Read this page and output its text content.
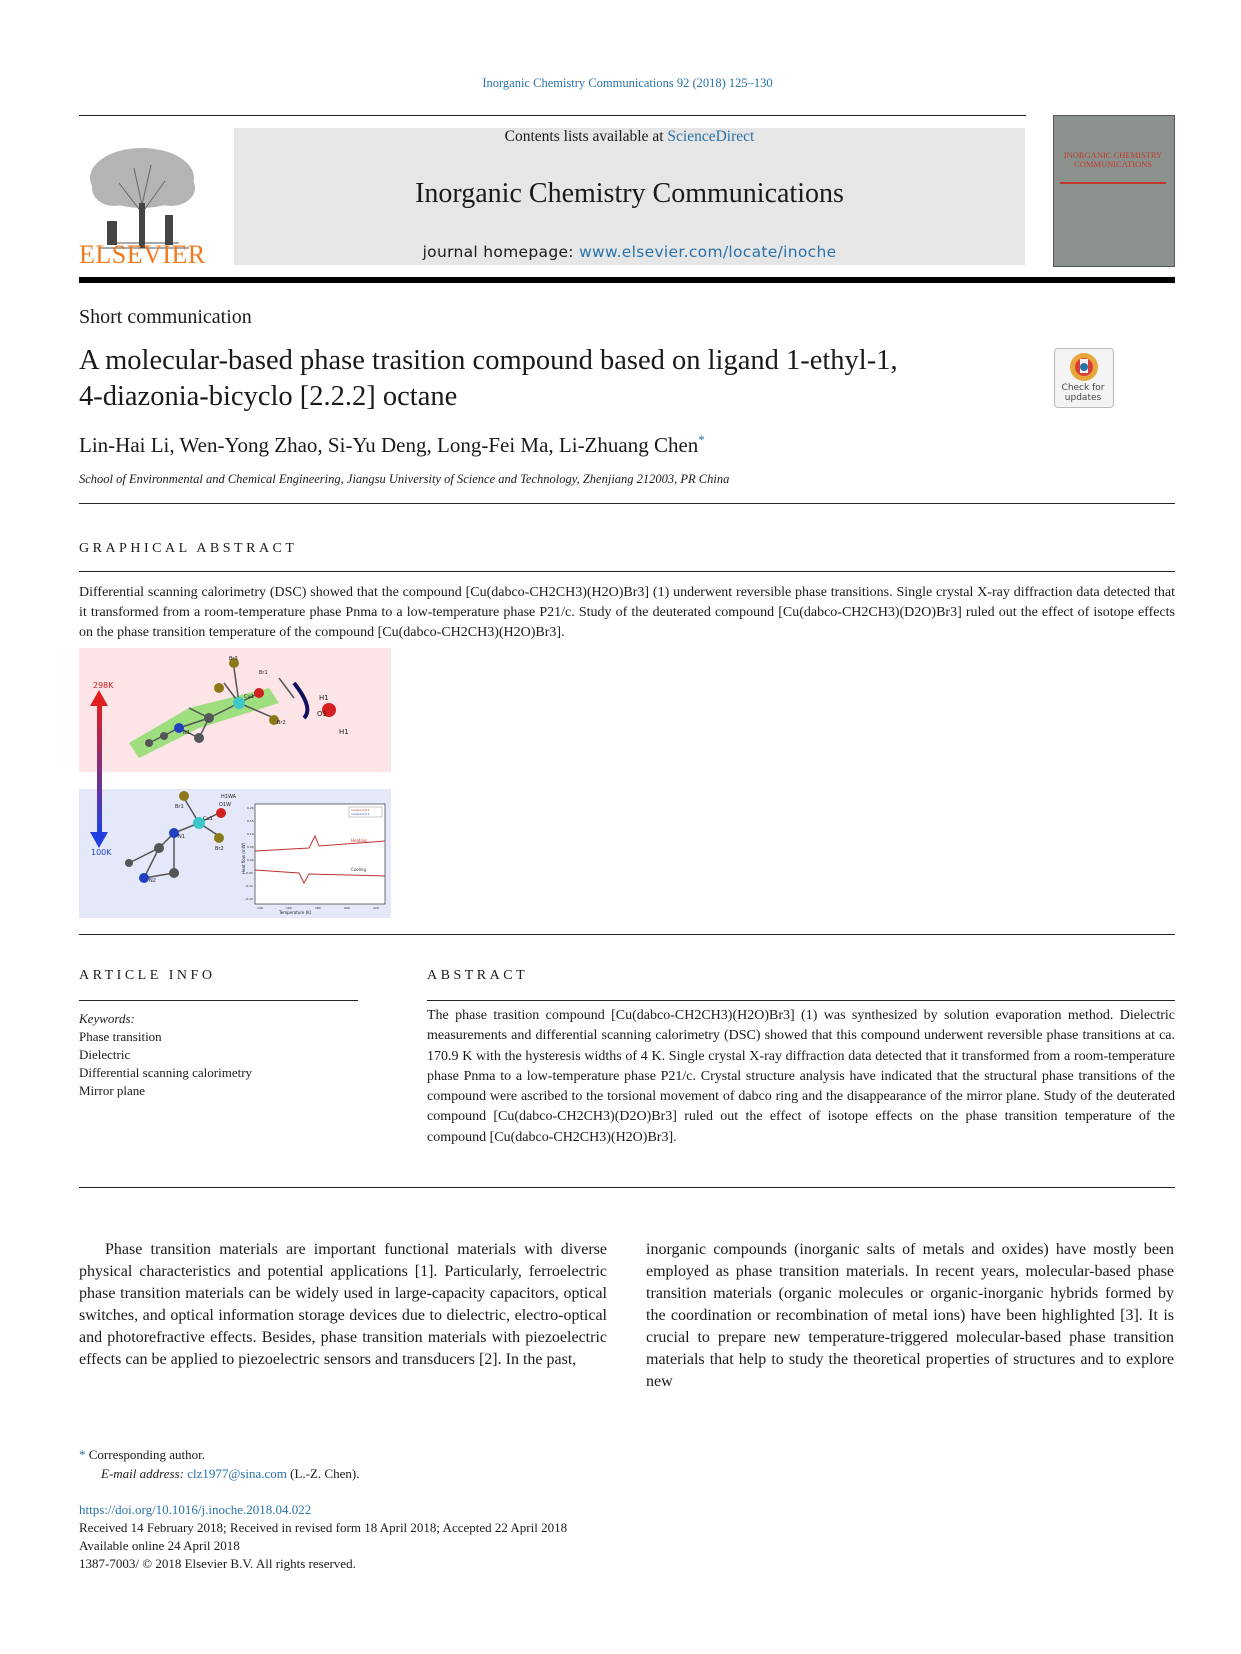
Inorganic Chemistry Communications 92 (2018) 125–130
ELSEVIER
Contents lists available at ScienceDirect
Inorganic Chemistry Communications
journal homepage: www.elsevier.com/locate/inoche
INORGANIC CHEMISTRY COMMUNICATIONS
Short communication
A molecular-based phase trasition compound based on ligand 1-ethyl-1,
4-diazonia-bicyclo [2.2.2] octane	Check for updates
Lin-Hai Li, Wen-Yong Zhao, Si-Yu Deng, Long-Fei Ma, Li-Zhuang Chen*
School of Environmental and Chemical Engineering, Jiangsu University of Science and Technology, Zhenjiang 212003, PR China
GRAPHICAL ABSTRACT
Differential scanning calorimetry (DSC) showed that the compound [Cu(dabco-CH2CH3)(H2O)Br3] (1) underwent reversible phase transitions. Single crystal X-ray diffraction data detected that it transformed from a room-temperature phase Pnma to a low-temperature phase P21/c. Study of the deuterated compound [Cu(dabco-CH2CH3)(D2O)Br3] ruled out the effect of isotope effects on the phase transition temperature of the compound [Cu(dabco-CH2CH3)(H2O)Br3].
298K
100K
Br3
Br1
Br2
Cu1
N1
H1
O1
H1
Br1
Br2
O1W
H1WA
Cu1
N1
N2
compound 1
compound 2
Heating
Cooling
Temperature (K)
Heat flow (mW)
140	160	180	200	220
0.20
0.15
0.10
0.05
0.00
-0.05
-0.10
-0.15
ARTICLE INFO
Keywords:
Phase transition
Dielectric
Differential scanning calorimetry
Mirror plane
ABSTRACT
The phase trasition compound [Cu(dabco-CH2CH3)(H2O)Br3] (1) was synthesized by solution evaporation method. Dielectric measurements and differential scanning calorimetry (DSC) showed that this compound underwent reversible phase transitions at ca. 170.9 K with the hysteresis widths of 4 K. Single crystal X-ray diffraction data detected that it transformed from a room-temperature phase Pnma to a low-temperature phase P21/c. Crystal structure analysis have indicated that the structural phase transitions of the compound were ascribed to the torsional movement of dabco ring and the disappearance of the mirror plane. Study of the deuterated compound [Cu(dabco-CH2CH3)(D2O)Br3] ruled out the effect of isotope effects on the phase transition temperature of the compound [Cu(dabco-CH2CH3)(H2O)Br3].
Phase transition materials are important functional materials with diverse physical characteristics and potential applications [1]. Particularly, ferroelectric phase transition materials can be widely used in large-capacity capacitors, optical switches, and optical information storage devices due to dielectric, electro-optical and photorefractive effects. Besides, phase transition materials with piezoelectric effects can be applied to piezoelectric sensors and transducers [2]. In the past,
inorganic compounds (inorganic salts of metals and oxides) have mostly been employed as phase transition materials. In recent years, molecular-based phase transition materials (organic molecules or organic-inorganic hybrids formed by the coordination or recombination of metal ions) have been highlighted [3]. It is crucial to prepare new temperature-triggered molecular-based phase transition materials that help to study the theoretical properties of structures and to explore new
* Corresponding author.
E-mail address: clz1977@sina.com (L.-Z. Chen).
https://doi.org/10.1016/j.inoche.2018.04.022
Received 14 February 2018; Received in revised form 18 April 2018; Accepted 22 April 2018
Available online 24 April 2018
1387-7003/ © 2018 Elsevier B.V. All rights reserved.
